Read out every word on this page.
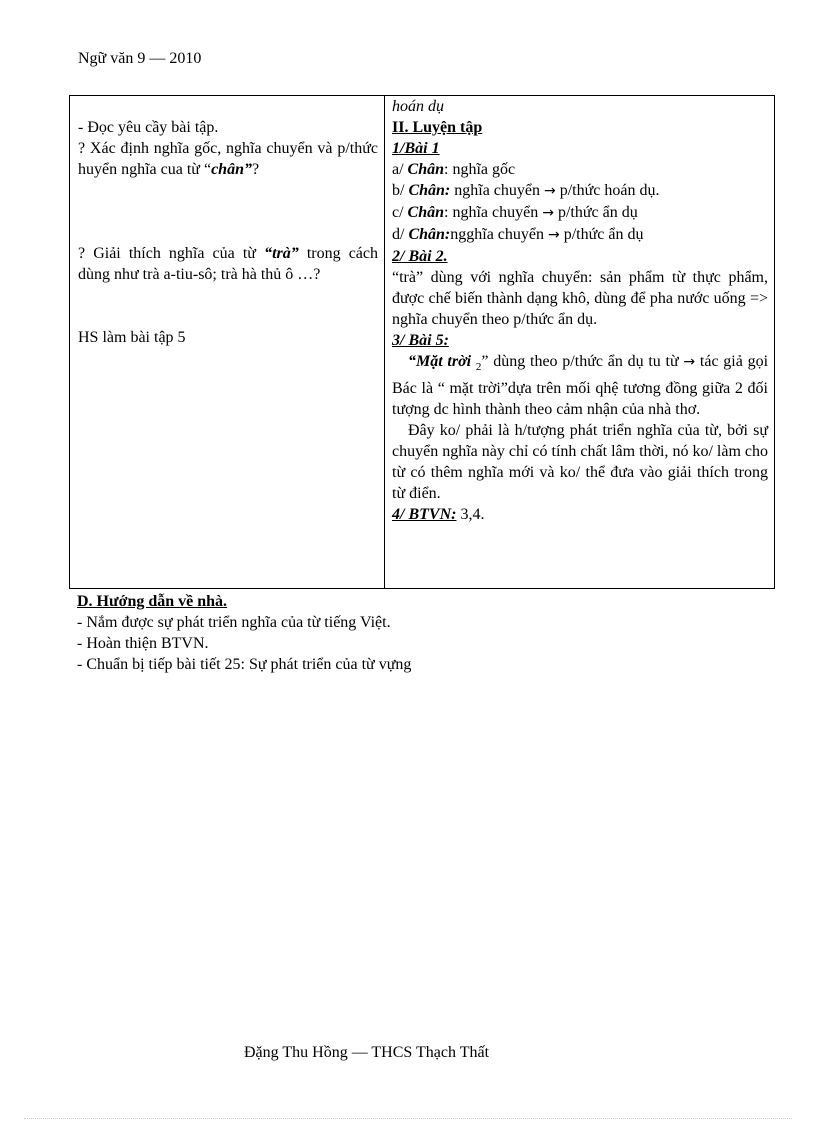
Ngữ văn 9 — 2010

- Đọc yêu cầy bài tập.

? Xác định nghĩa gốc, nghĩa chuyển và p/thức huyển nghĩa cua từ “chân”?

? Giải thích nghĩa của từ “trà” trong cách dùng như trà a-tiu-sô; trà hà thủ ô …?

HS làm bài tập 5

hoán dụ

II. Luyện tập

1/Bài 1

a/ Chân: nghĩa gốc

b/ Chân: nghĩa chuyển → p/thức hoán dụ.

c/ Chân: nghĩa chuyển → p/thức ẩn dụ

d/ Chân:ngghĩa chuyển → p/thức ẩn dụ

2/ Bài 2.

“trà” dùng với nghĩa chuyển: sản phẩm từ thực phẩm, được chế biến thành dạng khô, dùng để pha nước uống => nghĩa chuyển theo p/thức ẩn dụ.

3/ Bài 5:

“Mặt trời $_2$” dùng theo p/thức ẩn dụ tu từ → tác giả gọi Bác là “ mặt trời”dựa trên mối qhệ tương đồng giữa 2 đối tượng dc hình thành theo cảm nhận của nhà thơ.

Đây ko/ phải là h/tượng phát triển nghĩa của từ, bởi sự chuyển nghĩa này chỉ có tính chất lâm thời, nó ko/ làm cho từ có thêm nghĩa mới và ko/ thể đưa vào giải thích trong từ điển.

4/ BTVN: 3,4.

D. Hướng dẫn về nhà.

- Nắm được sự phát triển nghĩa của từ tiếng Việt.

- Hoàn thiện BTVN.

- Chuẩn bị tiếp bài tiết 25: Sự phát triển của từ vựng

Đặng Thu Hồng — THCS Thạch Thất
